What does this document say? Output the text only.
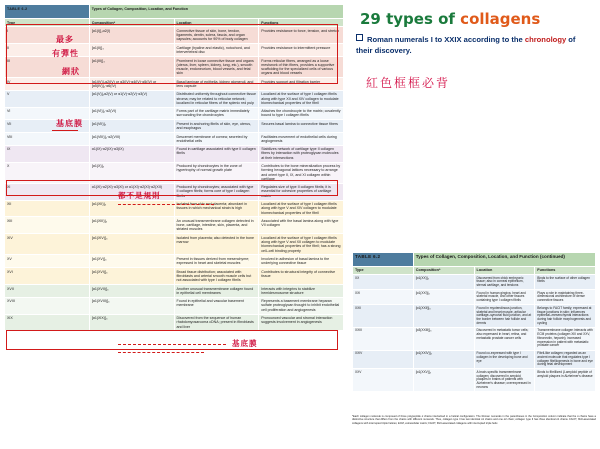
TABLE 6.2	Types of Collagen, Composition, Location, and Function		
Type	Composition*	Location	Functions
I	[α1(I)]₂α2(I)	Connective tissue of skin, bone, tendon, ligaments, dentin, sclera, fascia, and organ capsules; accounts for 90% of body collagen	Provides resistance to force, tension, and stretch
II	[α1(II)]₃	Cartilage (hyaline and elastic), notochord, and intervertebral disc	Provides resistance to intermittent pressure
III	[α1(III)]₃	Prominent in loose connective tissue and organs (uterus, liver, spleen, kidney, lung, etc.), smooth muscle, endoneurium, blood vessels, and fetal skin	Forms reticular fibers, arranged as a loose meshwork of thin fibers, provides a supportive scaffolding for the specialized cells of various organs and blood vessels
IV	[α1(IV)]₂α2(IV) or α3(IV)·α4(IV)·α5(IV) or [α5(IV)]₂·α6(IV)	Basal laminae of epithelia, kidney glomeruli, and lens capsule	Provides support and filtration barrier
V	[α1(V)]₂α2(V) or α1(V)·α2(V)·α3(V)	Distributed uniformly throughout connective tissue stroma; may be related to reticular network; localized in reticular fibers of the splenic red pulp	Localized at the surface of type I collagen fibrils along with type XII and XIV collagen to modulate biomechanical properties of the fibril
VI	[α1(VI)]₂·α2(VI)	Forms part of the cartilage matrix immediately surrounding the chondrocytes	Attaches the chondrocyte to the matrix; covalently bound to type I collagen fibrils
VII	[α1(VII)]₃	Present in anchoring fibrils of skin, eye, uterus, and esophagus	Secures basal lamina to connective tissue fibers
VIII	[α1(VIII)]₂·α2(VIII)	Descemet membrane of cornea; secreted by endothelial cells	Facilitates movement of endothelial cells during angiogenesis
IX	α1(IX)·α2(IX)·α3(IX)	Found in cartilage associated with type II collagen fibrils	Stabilizes network of cartilage type II collagen fibers by interaction with proteoglycan molecules at their intersections
X	[α1(X)]₃	Produced by chondrocytes in the zone of hypertrophy of normal growth plate	Contributes to the bone mineralization process by forming hexagonal lattices necessary to arrange and orient type II, IX, and XI collagen within cartilage
XI	α1(XI)·α2(XI)·α3(XI) or α1(XI)·α2(XI)·α2(XII)	Produced by chondrocytes; associated with type II collagen fibrils; forms core of type I collagen fibrils	Regulates size of type II collagen fibrils; it is essential for cohesive properties of cartilage matrix
XII	[α1(XII)]₃	Isolated from skin and placenta; abundant in tissues in which mechanical strain is high	Localized at the surface of type I collagen fibrils along with type V and XIV collagen to modulate biomechanical properties of the fibril
XIII	[α1(XIII)]₃	An unusual transmembrane collagen detected in bone, cartilage, intestine, skin, placenta, and striated muscles	Associated with the basal lamina along with type VII collagen
XIV	[α1(XIV)]₃	Isolated from placenta; also detected in the bone marrow	Localized at the surface of type I collagen fibrils along with type V and XII collagen to modulate biomechanical properties of the fibril; has a strong cell–cell binding property
XV	[α1(XV)]₃	Present in tissues derived from mesenchyme; expressed in heart and skeletal muscles	Involved in adhesion of basal lamina to the underlying connective tissue
XVI	[α1(XVI)]₃	Broad tissue distribution; associated with fibroblasts and arterial smooth muscle cells but not associated with type I collagen fibrils	Contributes to structural integrity of connective tissue
XVII	[α1(XVII)]₃	Another unusual transmembrane collagen found in epithelial cell membranes	Interacts with integrins to stabilize hemidesmosome structure
XVIII	[α1(XVIII)]₃	Found in epithelial and vascular basement membrane	Represents a basement membrane heparan sulfate proteoglycan thought to inhibit endothelial cell proliferation and angiogenesis
XIX	[α1(XIX)]₃	Discovered from the sequence of human rhabdomyosarcoma cDNA; present in fibroblasts and liver	Pronounced vascular and stromal interaction suggests involvement in angiogenesis
TABLE 6.2	Types of Collagen, Composition, Location, and Function (continued)		
Type	Composition*	Location	Functions
XX	[α1(XX)]₃	Discovered from chick embryonic tissue; also in corneal epithelium, sternal cartilage, and tendons	Binds to the surface of other collagen fibrils
XXI	[α1(XXI)]₃	Found in human gingiva, heart and skeletal muscle, and other tissues containing type I collagen fibrils	Plays a role in maintaining three-dimensional architecture of dense connective tissues
XXII	[α1(XXII)]₃	Found in myotendinous junction, skeletal and heart muscle, articular cartilage–synovial fluid junction, and at the border between hair follicle and dermis	Belongs to FACIT family; expressed at tissue junctions in skin; influences epithelial–mesenchymal interactions during hair follicle morphogenesis and cycling
XXIII	[α3(XXIII)]₃	Discovered in metastatic tumor cells; also expressed in heart, retina, and metastatic prostate cancer cells	Transmembrane collagen interacts with ECM proteins (collagen XIII and XXV, fibronectin, heparin); increased expression in patient with metastatic prostate cancer
XXIV	[α1(XXIV)]₃	Found co-expressed with type I collagen in the developing bone and eye	Fibril-like collagen; regarded as an ancient molecule that regulates type I collagen fibrillogenesis in bone and eye during fetal development
XXV	[α1(XXV)]₃	A brain-specific transmembrane collagen; discovered in amyloid plaques in brains of patients with Alzheimer's disease; overexpressed in neurons	Binds to fibrillized β-amyloid peptide of amyloid plaques in Alzheimer's disease
*Each collagen molecule is composed of three polypeptide α chains intertwined in a helical configuration. The Roman numerals in the parentheses in the Composition column indicate that the α chains have a distinctive structure that differs from the chains with different numerals. Thus, collagen type I has two identical α1 chains and one α2 chain; collagen type II has three identical α1 chains. FACIT, fibril-associated collagens with interrupted triple helices; ECM, extracellular matrix; FACIT, fibril-associated collagens with interrupted triple helix.
29 types of collagens
Roman numerals I to XXIX according to the chronology of their discovery.
紅色框框必背
最多
有彈性
網狀
基底膜
都不是規則
基底膜
